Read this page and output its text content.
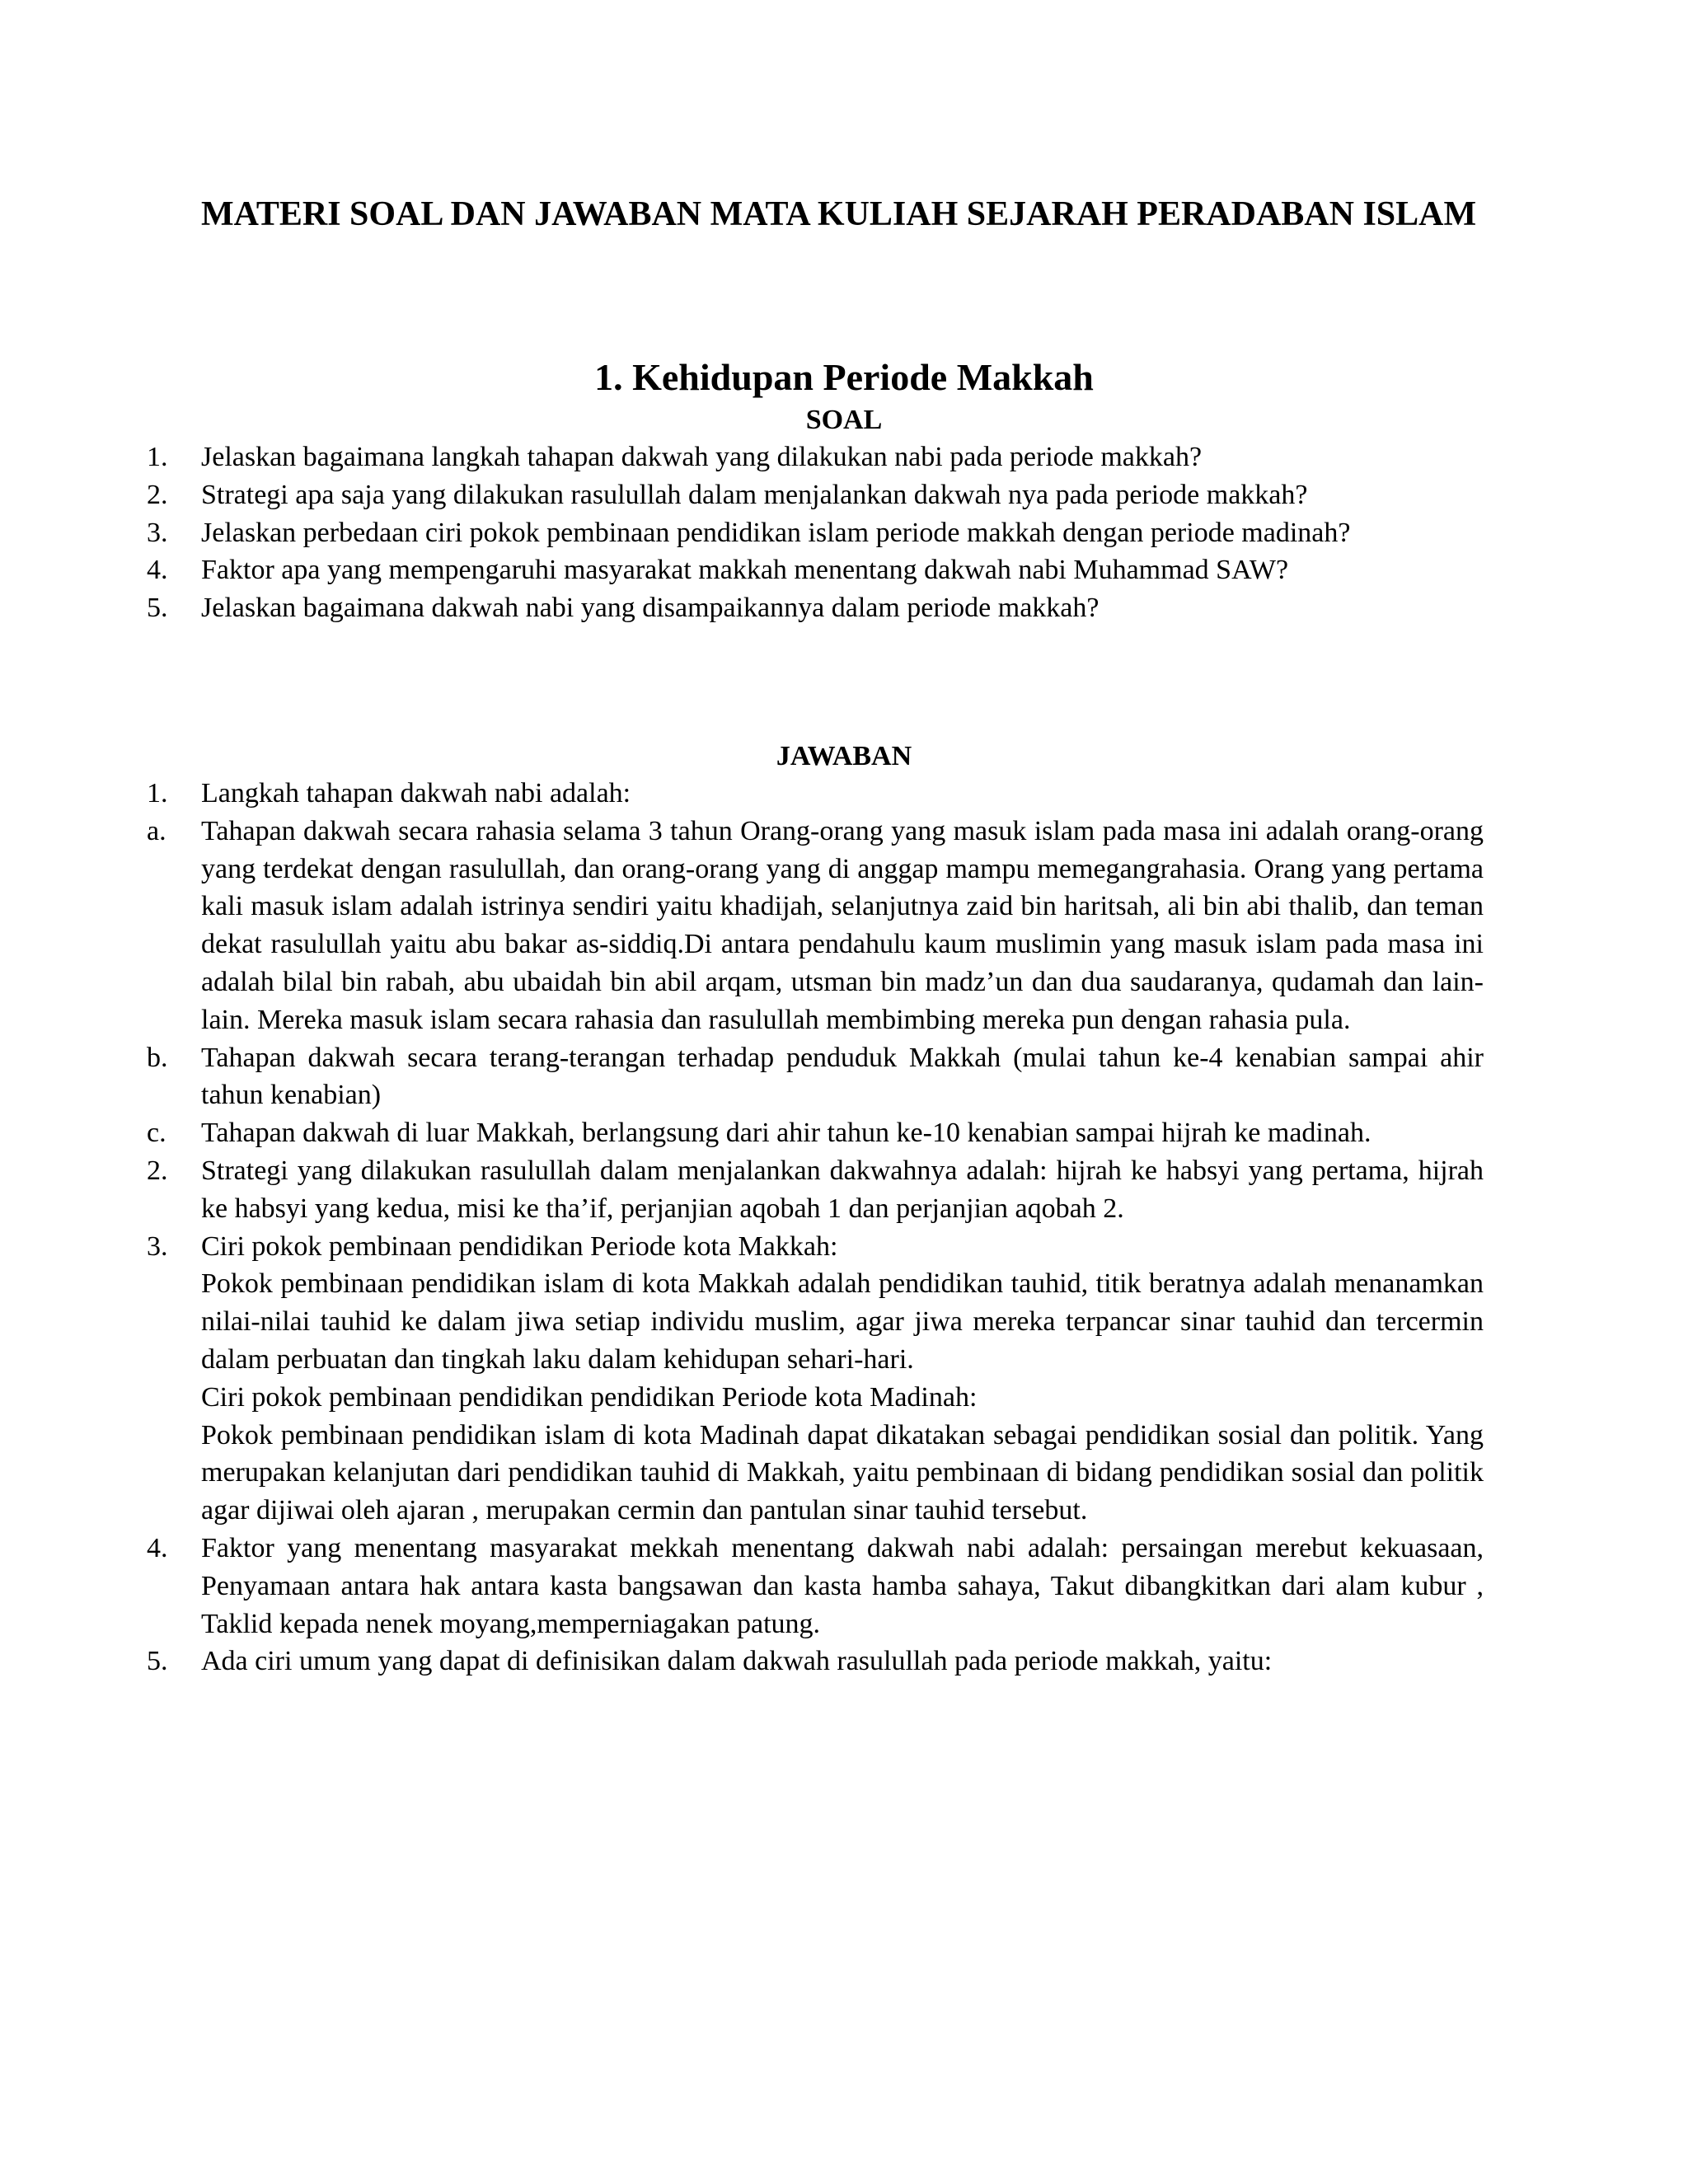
MATERI SOAL DAN JAWABAN MATA KULIAH SEJARAH PERADABAN ISLAM
1. Kehidupan Periode Makkah
SOAL
1. Jelaskan bagaimana langkah tahapan dakwah yang dilakukan nabi pada periode makkah?
2. Strategi apa saja yang dilakukan rasulullah dalam menjalankan dakwah nya pada periode makkah?
3. Jelaskan perbedaan ciri pokok pembinaan pendidikan islam periode makkah dengan periode madinah?
4. Faktor apa yang mempengaruhi masyarakat makkah menentang dakwah nabi Muhammad SAW?
5. Jelaskan bagaimana dakwah nabi yang disampaikannya dalam periode makkah?
JAWABAN
1. Langkah tahapan dakwah nabi adalah:
a. Tahapan dakwah secara rahasia selama 3 tahun Orang-orang yang masuk islam pada masa ini adalah orang-orang yang terdekat dengan rasulullah, dan orang-orang yang di anggap mampu memegangrahasia. Orang yang pertama kali masuk islam adalah istrinya sendiri yaitu khadijah, selanjutnya zaid bin haritsah, ali bin abi thalib, dan teman dekat rasulullah yaitu abu bakar as-siddiq.Di antara pendahulu kaum muslimin yang masuk islam pada masa ini adalah bilal bin rabah, abu ubaidah bin abil arqam, utsman bin madz’un dan dua saudaranya, qudamah dan lain-lain. Mereka masuk islam secara rahasia dan rasulullah membimbing mereka pun dengan rahasia pula.
b. Tahapan dakwah secara terang-terangan terhadap penduduk Makkah (mulai tahun ke-4 kenabian sampai ahir tahun kenabian)
c. Tahapan dakwah di luar Makkah, berlangsung dari ahir tahun ke-10 kenabian sampai hijrah ke madinah.
2. Strategi yang dilakukan rasulullah dalam menjalankan dakwahnya adalah: hijrah ke habsyi yang pertama, hijrah ke habsyi yang kedua, misi ke tha’if, perjanjian aqobah 1 dan perjanjian aqobah 2.
3. Ciri pokok pembinaan pendidikan Periode kota Makkah:
Pokok pembinaan pendidikan islam di kota Makkah adalah pendidikan tauhid, titik beratnya adalah menanamkan nilai-nilai tauhid ke dalam jiwa setiap individu muslim, agar jiwa mereka terpancar sinar tauhid dan tercermin dalam perbuatan dan tingkah laku dalam kehidupan sehari-hari.
Ciri pokok pembinaan pendidikan pendidikan Periode kota Madinah:
Pokok pembinaan pendidikan islam di kota Madinah dapat dikatakan sebagai pendidikan sosial dan politik. Yang merupakan kelanjutan dari pendidikan tauhid di Makkah, yaitu pembinaan di bidang pendidikan sosial dan politik agar dijiwai oleh ajaran , merupakan cermin dan pantulan sinar tauhid tersebut.
4. Faktor yang menentang masyarakat mekkah menentang dakwah nabi adalah: persaingan merebut kekuasaan, Penyamaan antara hak antara kasta bangsawan dan kasta hamba sahaya, Takut dibangkitkan dari alam kubur , Taklid kepada nenek moyang,memperniagakan patung.
5. Ada ciri umum yang dapat di definisikan dalam dakwah rasulullah pada periode makkah, yaitu:
